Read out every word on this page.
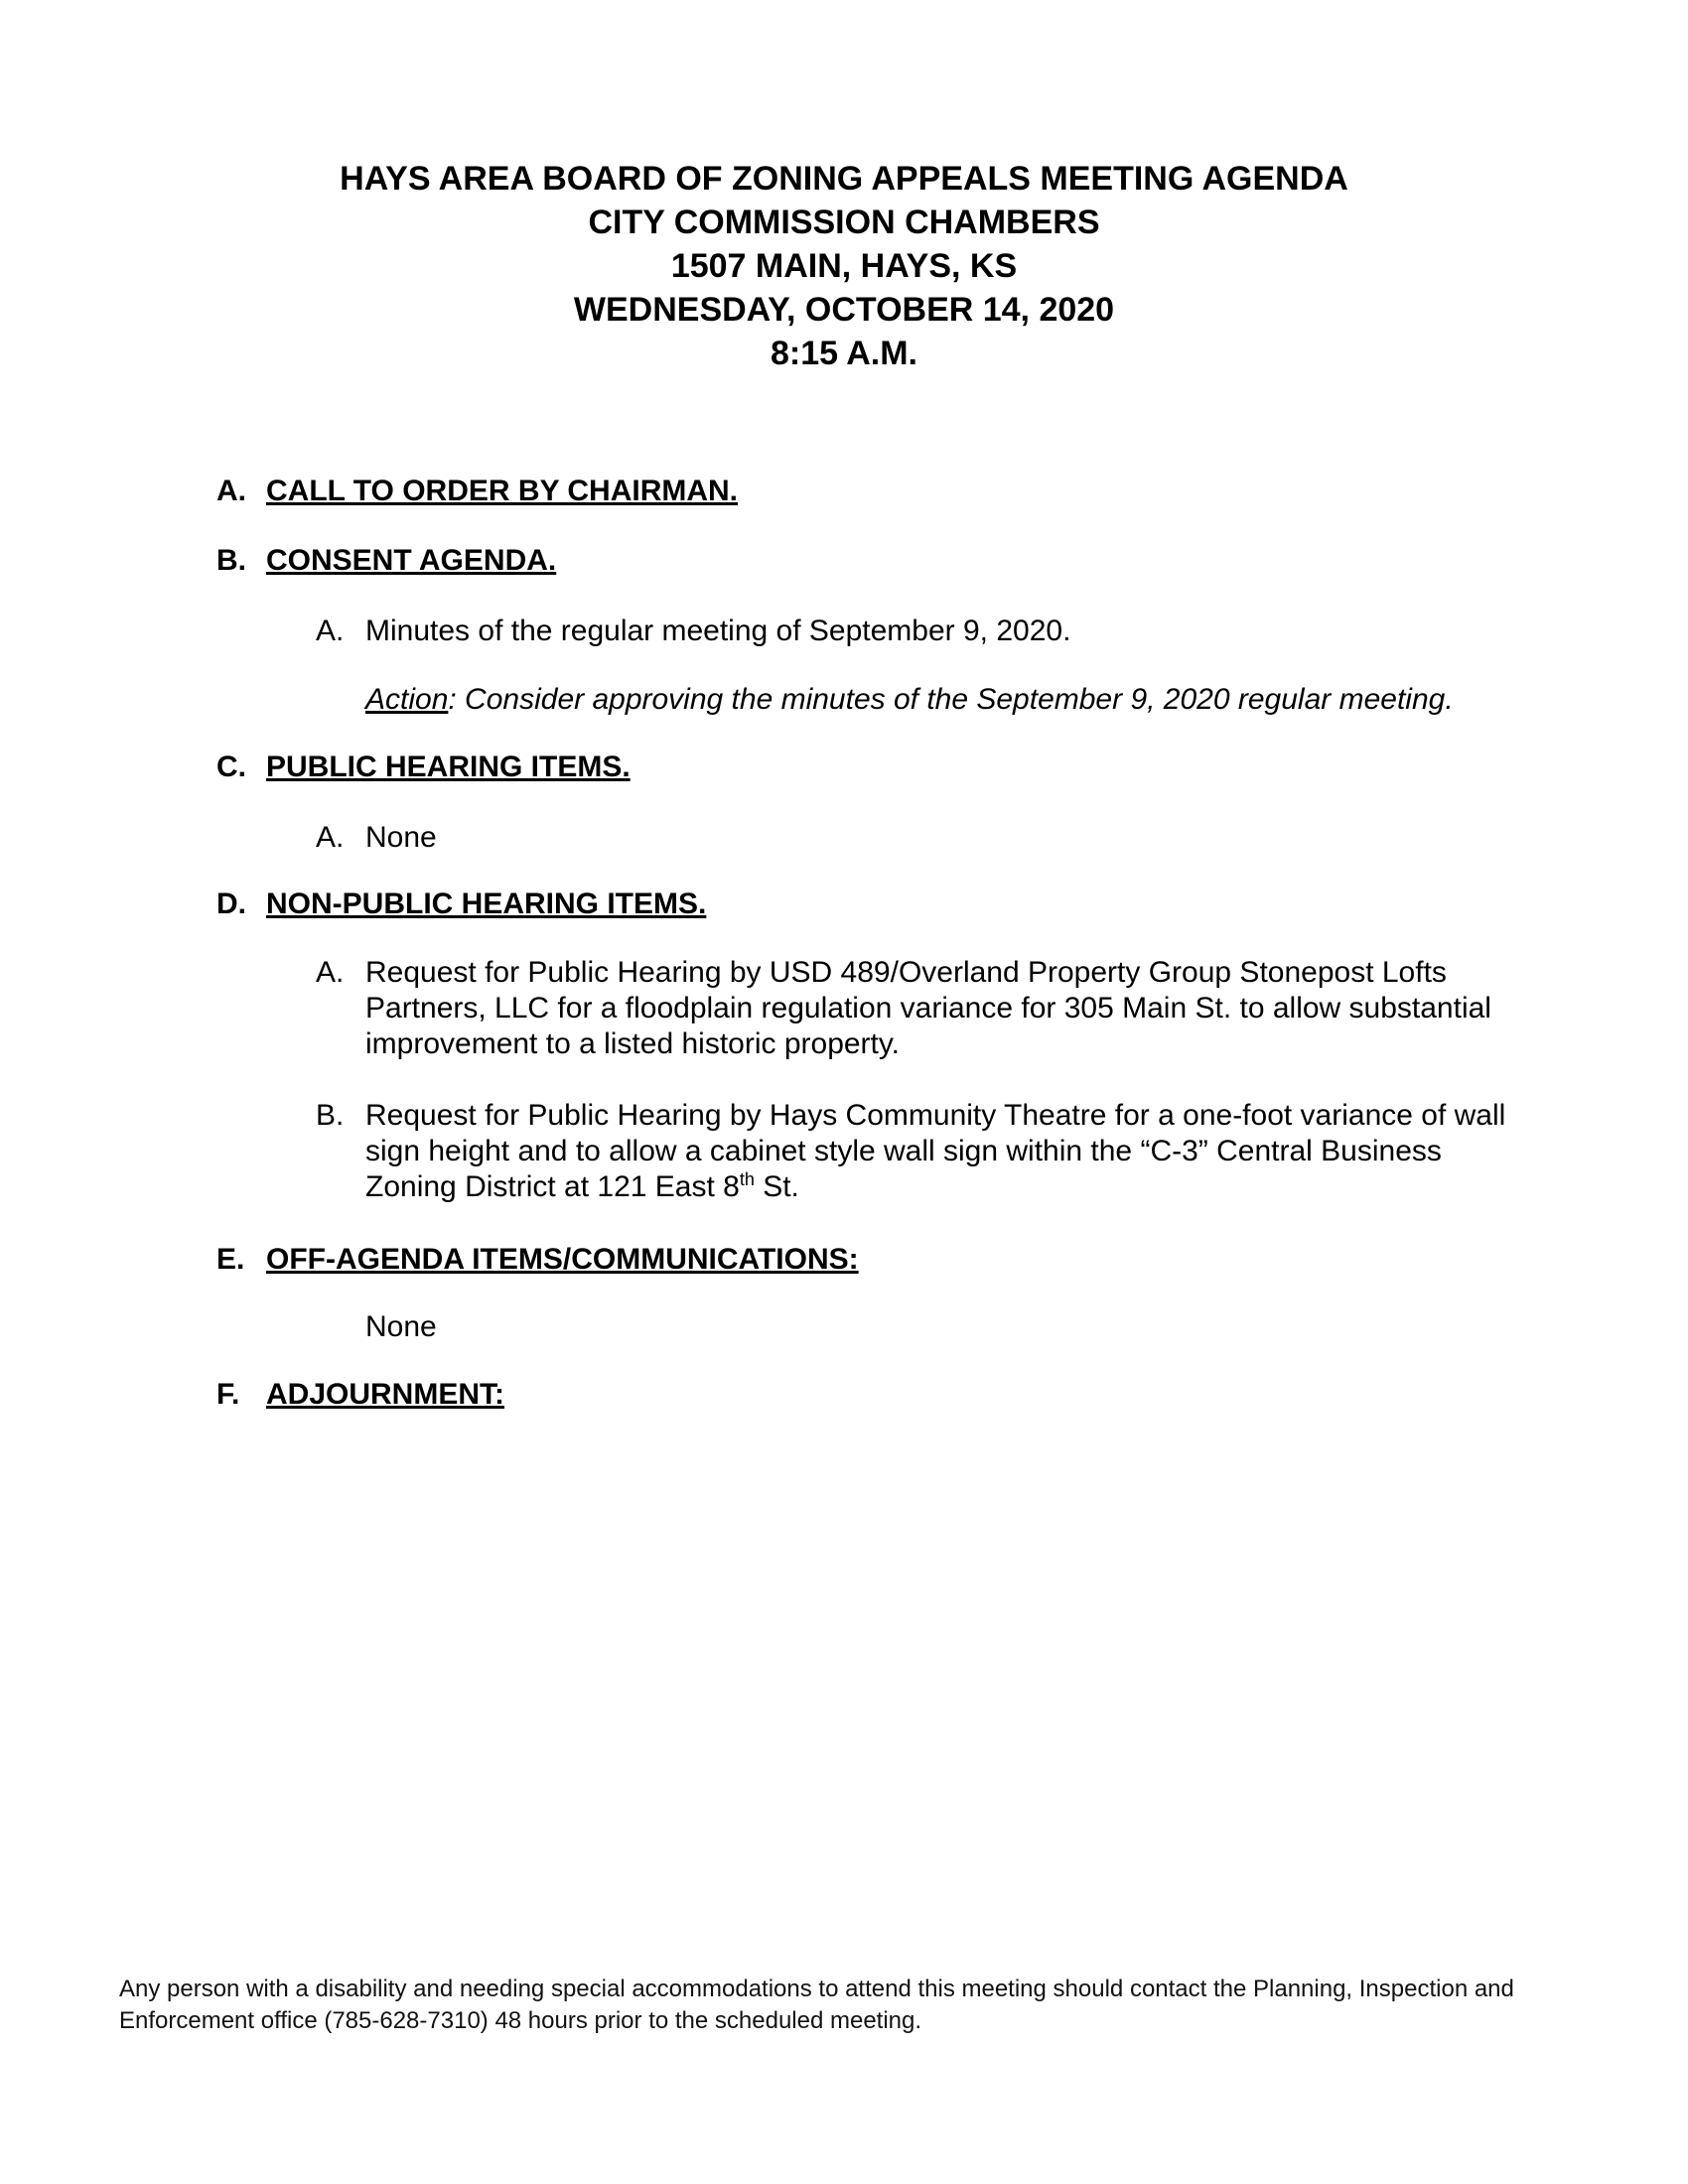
HAYS AREA BOARD OF ZONING APPEALS MEETING AGENDA
CITY COMMISSION CHAMBERS
1507 MAIN, HAYS, KS
WEDNESDAY, OCTOBER 14, 2020
8:15 A.M.
A. CALL TO ORDER BY CHAIRMAN.
B. CONSENT AGENDA.
A. Minutes of the regular meeting of September 9, 2020.
Action: Consider approving the minutes of the September 9, 2020 regular meeting.
C. PUBLIC HEARING ITEMS.
A. None
D. NON-PUBLIC HEARING ITEMS.
A. Request for Public Hearing by USD 489/Overland Property Group Stonepost Lofts Partners, LLC for a floodplain regulation variance for 305 Main St. to allow substantial improvement to a listed historic property.
B. Request for Public Hearing by Hays Community Theatre for a one-foot variance of wall sign height and to allow a cabinet style wall sign within the “C-3” Central Business Zoning District at 121 East 8th St.
E. OFF-AGENDA ITEMS/COMMUNICATIONS:
None
F. ADJOURNMENT:
Any person with a disability and needing special accommodations to attend this meeting should contact the Planning, Inspection and Enforcement office (785-628-7310) 48 hours prior to the scheduled meeting.
